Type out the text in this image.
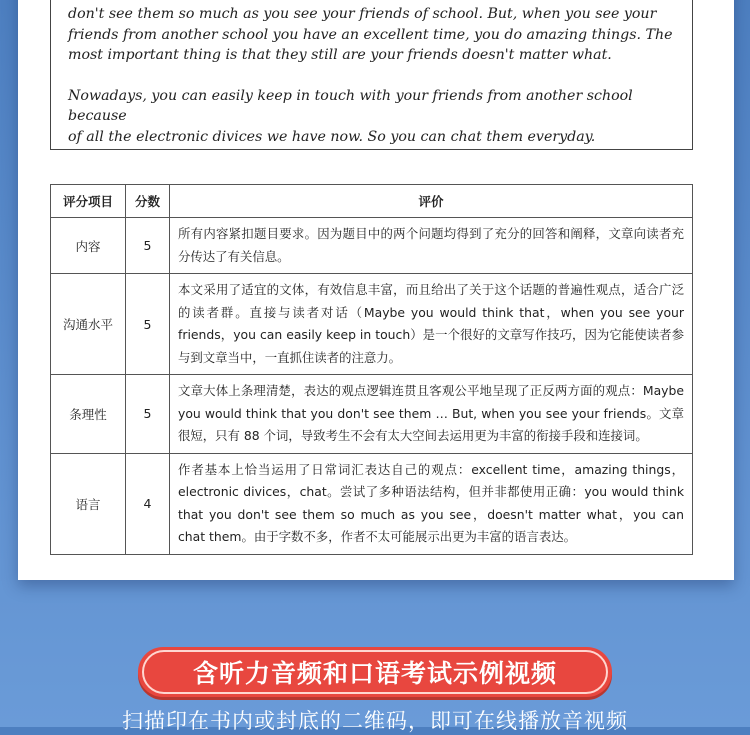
don't see them so much as you see your friends of school. But, when you see your
friends from another school you have an excellent time, you do amazing things. The
most important thing is that they still are your friends doesn't matter what.

Nowadays, you can easily keep in touch with your friends from another school because
of all the electronic divices we have now. So you can chat them everyday.

评分项目	分数	评价
内容	5	所有内容紧扣题目要求。因为题目中的两个问题均得到了充分的回答和阐释，文章向读者充分传达了有关信息。
沟通水平	5	本文采用了适宜的文体，有效信息丰富，而且给出了关于这个话题的普遍性观点，适合广泛的读者群。直接与读者对话（Maybe you would think that，when you see your friends，you can easily keep in touch）是一个很好的文章写作技巧，因为它能使读者参与到文章当中，一直抓住读者的注意力。
条理性	5	文章大体上条理清楚，表达的观点逻辑连贯且客观公平地呈现了正反两方面的观点：Maybe you would think that you don't see them … But, when you see your friends。文章很短，只有 88 个词，导致考生不会有太大空间去运用更为丰富的衔接手段和连接词。
语言	4	作者基本上恰当运用了日常词汇表达自己的观点：excellent time，amazing things，electronic divices，chat。尝试了多种语法结构，但并非都使用正确：you would think that you don't see them so much as you see，doesn't matter what，you can chat them。由于字数不多，作者不太可能展示出更为丰富的语言表达。
含听力音频和口语考试示例视频
扫描印在书内或封底的二维码，即可在线播放音视频
